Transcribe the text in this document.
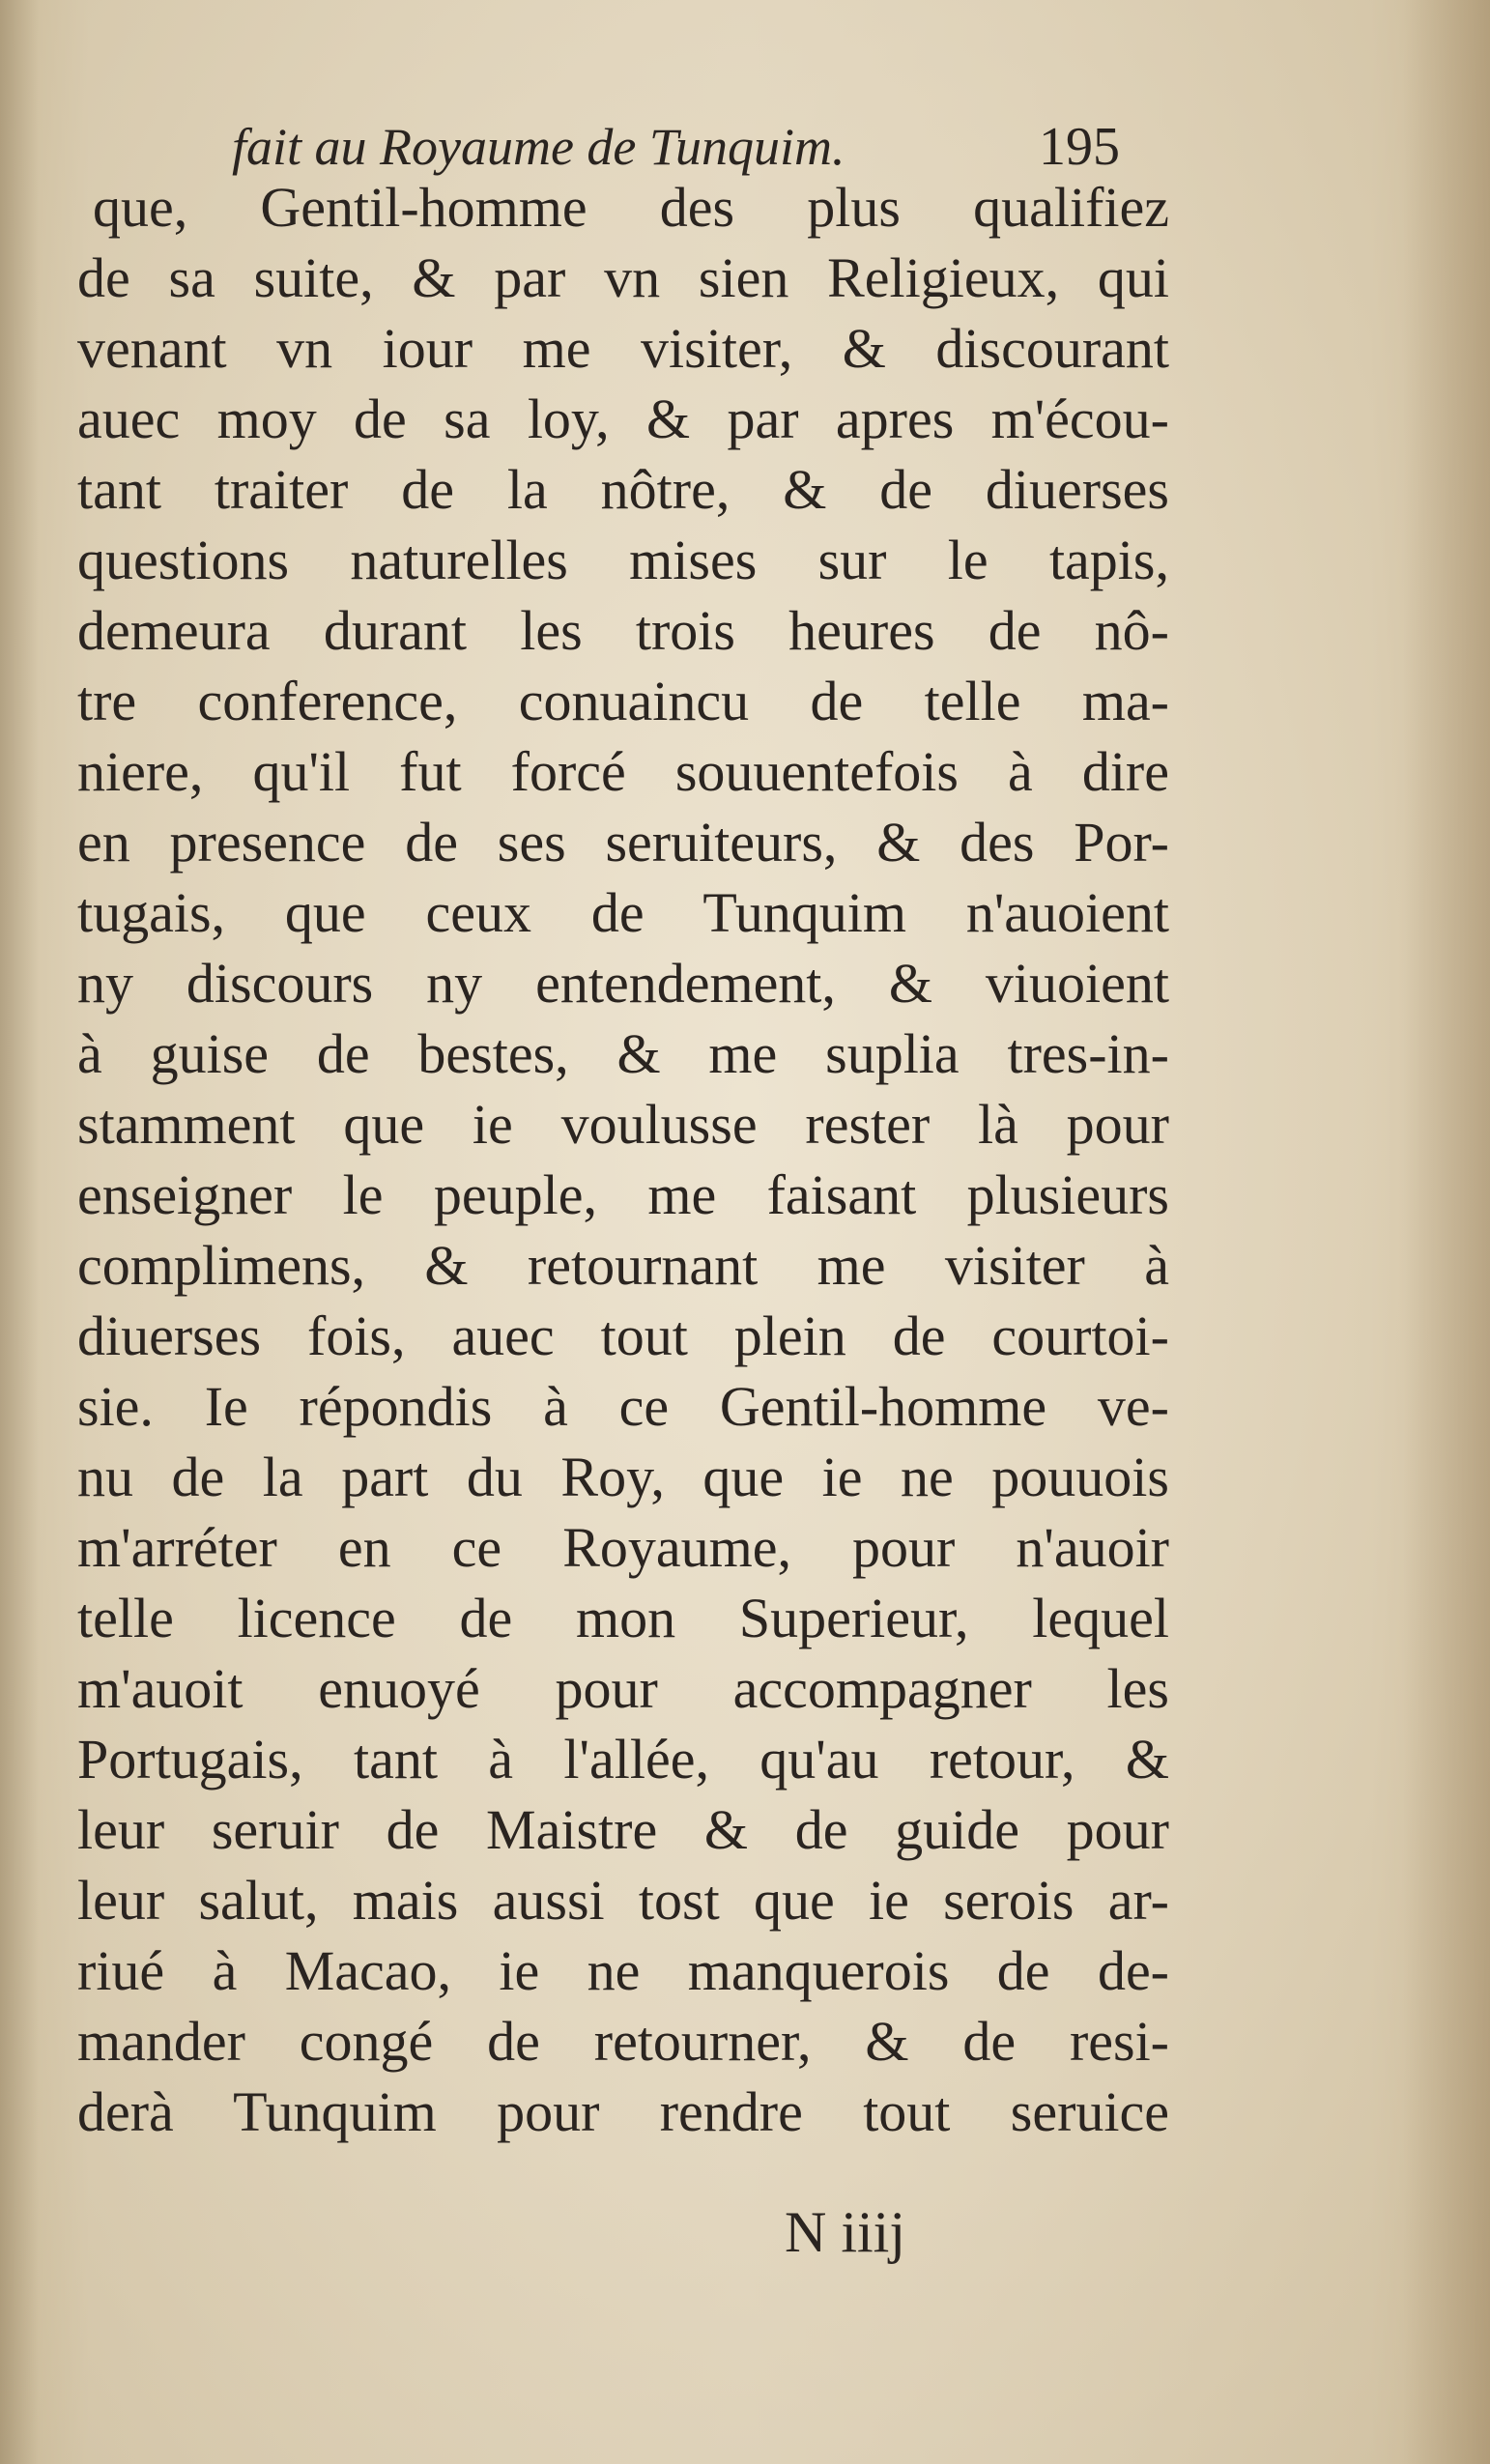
fait au Royaume de Tunquim.	195
que, Gentil-homme des plus qualifiez
de sa suite, & par vn sien Religieux, qui
venant vn iour me visiter, & discourant
auec moy de sa loy, & par apres m'écou-
tant traiter de la nôtre, & de diuerses
questions naturelles mises sur le tapis,
demeura durant les trois heures de nô-
tre conference, conuaincu de telle ma-
niere, qu'il fut forcé souuentefois à dire
en presence de ses seruiteurs, & des Por-
tugais, que ceux de Tunquim n'auoient
ny discours ny entendement, & viuoient
à guise de bestes, & me suplia tres-in-
stamment que ie voulusse rester là pour
enseigner le peuple, me faisant plusieurs
complimens, & retournant me visiter à
diuerses fois, auec tout plein de courtoi-
sie. Ie répondis à ce Gentil-homme ve-
nu de la part du Roy, que ie ne pouuois
m'arréter en ce Royaume, pour n'auoir
telle licence de mon Superieur, lequel
m'auoit enuoyé pour accompagner les
Portugais, tant à l'allée, qu'au retour, &
leur seruir de Maistre & de guide pour
leur salut, mais aussi tost que ie serois ar-
riué à Macao, ie ne manquerois de de-
mander congé de retourner, & de resi-
derà Tunquim pour rendre tout seruice
N iiij
